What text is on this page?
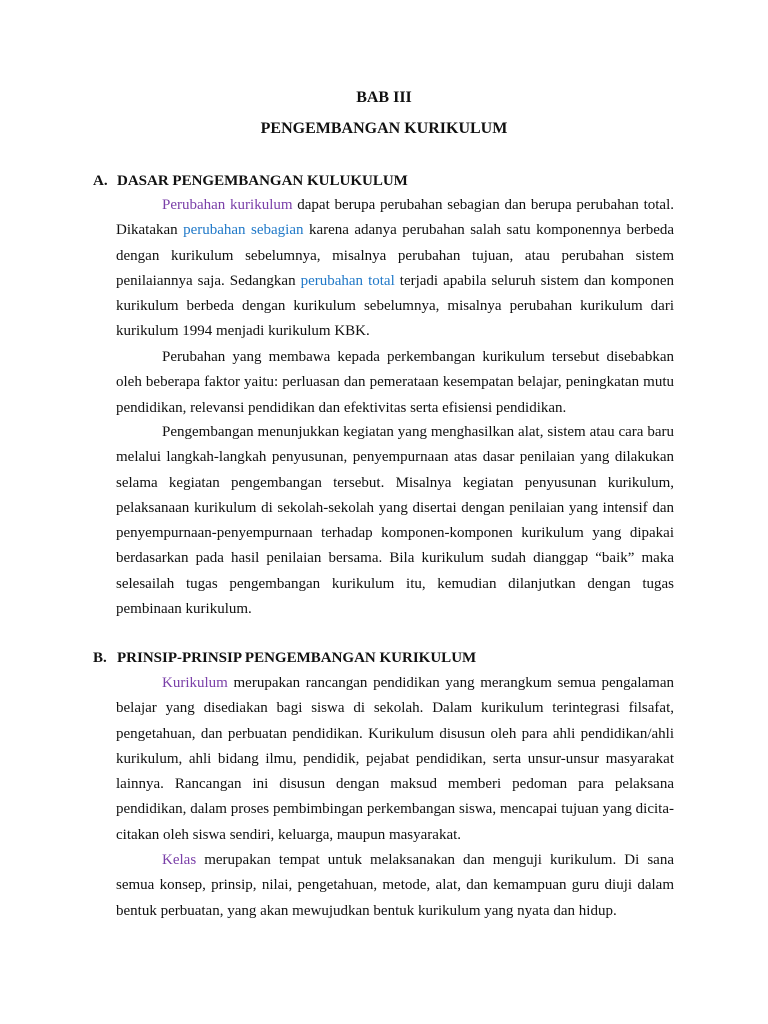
BAB III
PENGEMBANGAN KURIKULUM
A. DASAR PENGEMBANGAN KULUKULUM

Perubahan kurikulum dapat berupa perubahan sebagian dan berupa perubahan total. Dikatakan perubahan sebagian karena adanya perubahan salah satu komponennya berbeda dengan kurikulum sebelumnya, misalnya perubahan tujuan, atau perubahan sistem penilaiannya saja. Sedangkan perubahan total terjadi apabila seluruh sistem dan komponen kurikulum berbeda dengan kurikulum sebelumnya, misalnya perubahan kurikulum dari kurikulum 1994 menjadi kurikulum KBK.

Perubahan yang membawa kepada perkembangan kurikulum tersebut disebabkan oleh beberapa faktor yaitu: perluasan dan pemerataan kesempatan belajar, peningkatan mutu pendidikan, relevansi pendidikan dan efektivitas serta efisiensi pendidikan.

Pengembangan menunjukkan kegiatan yang menghasilkan alat, sistem atau cara baru melalui langkah-langkah penyusunan, penyempurnaan atas dasar penilaian yang dilakukan selama kegiatan pengembangan tersebut. Misalnya kegiatan penyusunan kurikulum, pelaksanaan kurikulum di sekolah-sekolah yang disertai dengan penilaian yang intensif dan penyempurnaan-penyempurnaan terhadap komponen-komponen kurikulum yang dipakai berdasarkan pada hasil penilaian bersama. Bila kurikulum sudah dianggap “baik” maka selesailah tugas pengembangan kurikulum itu, kemudian dilanjutkan dengan tugas pembinaan kurikulum.

B. PRINSIP-PRINSIP PENGEMBANGAN KURIKULUM

Kurikulum merupakan rancangan pendidikan yang merangkum semua pengalaman belajar yang disediakan bagi siswa di sekolah. Dalam kurikulum terintegrasi filsafat, pengetahuan, dan perbuatan pendidikan. Kurikulum disusun oleh para ahli pendidikan/ahli kurikulum, ahli bidang ilmu, pendidik, pejabat pendidikan, serta unsur-unsur masyarakat lainnya. Rancangan ini disusun dengan maksud memberi pedoman para pelaksana pendidikan, dalam proses pembimbingan perkembangan siswa, mencapai tujuan yang dicita-citakan oleh siswa sendiri, keluarga, maupun masyarakat.

Kelas merupakan tempat untuk melaksanakan dan menguji kurikulum. Di sana semua konsep, prinsip, nilai, pengetahuan, metode, alat, dan kemampuan guru diuji dalam bentuk perbuatan, yang akan mewujudkan bentuk kurikulum yang nyata dan hidup.
